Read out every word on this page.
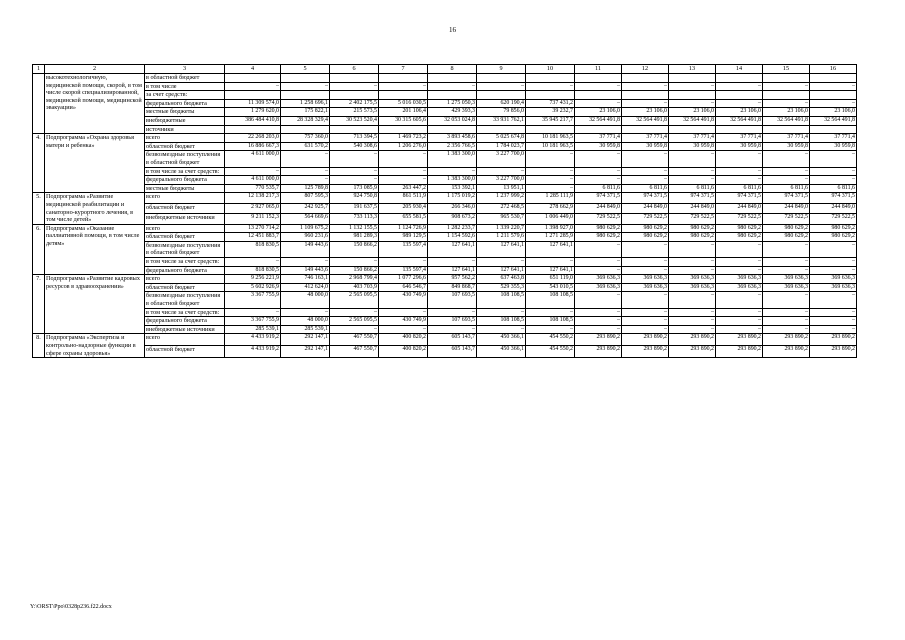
16
1	2	3	4	5	6	7	8	9	10	11	12	13	14	15	16
	высокотехнологичную, медицинской помощи, скорой, в том числе скорой специализированной, медицинской помощи, медицинской эвакуации»	в областной бюджет													
		в том числе	–	–	–	–	–	–	–	–	–	–	–	–	–
		за счет средств:													
		федерального бюджета	11 309 574,0	1 258 696,1	2 402 175,5	5 016 030,5	1 275 050,3	620 190,4	737 431,2	–	–	–	–	–	–
		местные бюджеты	1 279 620,0	175 822,1	215 573,5	201 106,4	429 393,3	79 856,0	39 232,7	23 106,0	23 106,0	23 106,0	23 106,0	23 106,0	23 106,0
		внебюджетные	386 484 410,8	28 328 329,4	30 523 520,4	30 315 605,6	32 053 024,8	33 931 762,1	35 945 217,7	32 564 491,8	32 564 491,8	32 564 491,8	32 564 491,8	32 564 491,8	32 564 491,8
		источники													
4.	Подпрограмма «Охрана здоровья матери и ребенка»	всего	22 268 203,0	757 360,0	713 394,5	1 469 723,2	3 893 458,6	5 025 674,8	10 181 963,5	37 771,4	37 771,4	37 771,4	37 771,4	37 771,4	37 771,4
		областной бюджет	16 886 667,3	631 570,2	540 308,6	1 206 276,0	2 356 766,5	1 784 023,7	10 181 963,5	30 959,8	30 959,8	30 959,8	30 959,8	30 959,8	30 959,8
		безвозмездные поступления в областной бюджет	4 611 000,0	–	–	–	1 383 300,0	3 227 700,0	–	–	–	–	–	–	–
		в том числе за счет средств:	–	–	–	–	–	–	–	–	–	–	–	–	–
		федерального бюджета	4 611 000,0	–	–	–	1 383 300,0	3 227 700,0	–	–	–	–	–	–	–
		местные бюджеты	770 535,7	125 789,8	173 085,9	263 447,2	153 392,1	13 951,1	–	6 811,6	6 811,6	6 811,6	6 811,6	6 811,6	6 811,6
5.	Подпрограмма «Развитие медицинской реабилитации и санаторно-курортного лечения, в том числе детей»	всего	12 138 217,3	807 595,3	924 750,8	861 511,9	1 175 019,2	1 237 999,2	1 285 111,9	974 371,5	974 371,5	974 371,5	974 371,5	974 371,5	974 371,5
		областной бюджет	2 927 065,0	242 925,7	191 637,5	205 930,4	266 346,0	272 468,5	278 662,9	244 849,0	244 849,0	244 849,0	244 849,0	244 849,0	244 849,0
		внебюджетные источники	9 211 152,3	564 669,6	733 113,3	655 581,5	908 673,2	965 530,7	1 006 449,0	729 522,5	729 522,5	729 522,5	729 522,5	729 522,5	729 522,5
6.	Подпрограмма «Оказание паллиативной помощи, в том числе детям»	всего	13 270 714,2	1 109 675,2	1 132 155,5	1 124 726,9	1 282 233,7	1 339 220,7	1 398 927,0	980 629,2	980 629,2	980 629,2	980 629,2	980 629,2	980 629,2
		областной бюджет	12 451 883,7	960 231,6	981 289,3	989 129,5	1 154 592,6	1 211 579,6	1 271 285,9	980 629,2	980 629,2	980 629,2	980 629,2	980 629,2	980 629,2
		безвозмездные поступления в областной бюджет	818 830,5	149 443,6	150 866,2	135 597,4	127 641,1	127 641,1	127 641,1	–	–	–	–	–	–
		в том числе за счет средств:	–	–	–	–	–	–	–	–	–	–	–	–	–
		федерального бюджета	818 830,5	149 443,6	150 866,2	135 597,4	127 641,1	127 641,1	127 641,1	–	–	–	–	–	–
7.	Подпрограмма «Развитие кадровых ресурсов в здравоохранении»	всего	9 256 221,9	746 163,1	2 968 799,4	1 077 296,6	957 562,2	637 463,8	651 119,0	369 636,3	369 636,3	369 636,3	369 636,3	369 636,3	369 636,3
		областной бюджет	5 602 926,9	412 624,0	403 703,9	646 546,7	849 868,7	529 355,3	543 010,5	369 636,3	369 636,3	369 636,3	369 636,3	369 636,3	369 636,3
		безвозмездные поступления в областной бюджет	3 367 755,9	48 000,0	2 565 095,5	430 749,9	107 693,5	108 108,5	108 108,5	–	–	–	–	–	–
		в том числе за счет средств:	–	–	–	–	–	–	–	–	–	–	–	–	–
		федерального бюджета	3 367 755,9	48 000,0	2 565 095,5	430 749,9	107 693,5	108 108,5	108 108,5	–	–	–	–	–	–
		внебюджетные источники	285 539,1	285 539,1	–	–	–	–	–	–	–	–	–	–	–
8.	Подпрограмма «Экспертиза и контрольно-надзорные функции в сфере охраны здоровья»	всего	4 433 919,2	292 147,1	467 550,7	400 820,2	605 143,7	450 366,1	454 550,2	293 890,2	293 890,2	293 890,2	293 890,2	293 890,2	293 890,2
		областной бюджет	4 433 919,2	292 147,1	467 550,7	400 820,2	605 143,7	450 366,1	454 550,2	293 890,2	293 890,2	293 890,2	293 890,2	293 890,2	293 890,2
Y:\ORST\Ppo\0328p236.f22.docx
